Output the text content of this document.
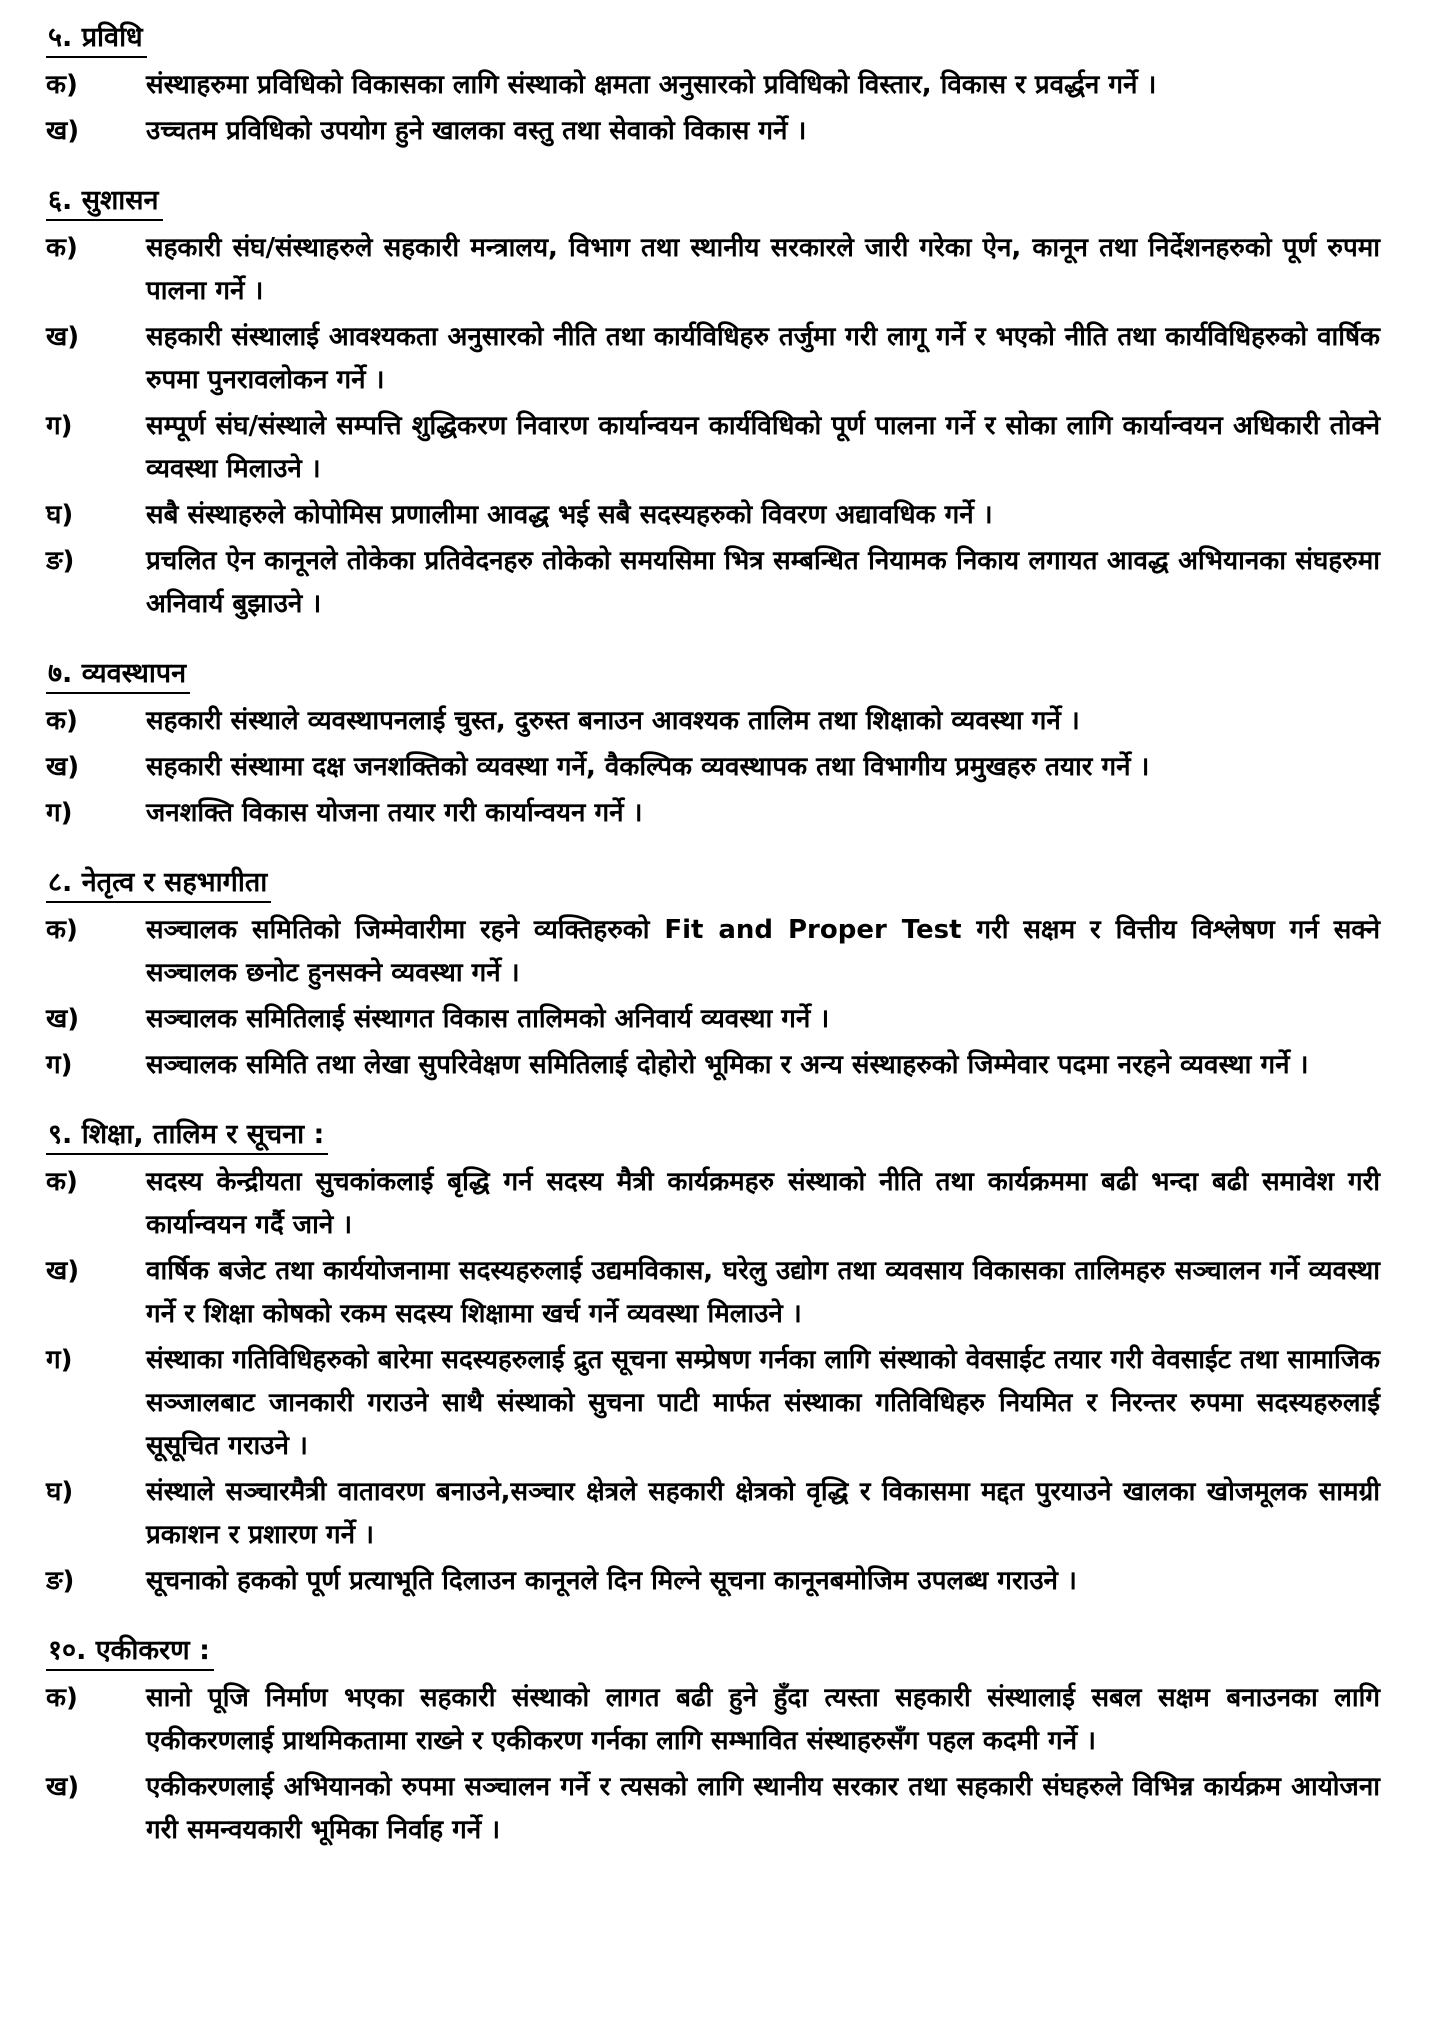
५. प्रविधि
क)	संस्थाहरुमा प्रविधिको विकासका लागि संस्थाको क्षमता अनुसारको प्रविधिको विस्तार, विकास र प्रवर्द्धन गर्ने ।
ख)	उच्चतम प्रविधिको उपयोग हुने खालका वस्तु तथा सेवाको विकास गर्ने ।
६. सुशासन
क)	सहकारी संघ/संस्थाहरुले सहकारी मन्त्रालय, विभाग तथा स्थानीय सरकारले जारी गरेका ऐन, कानून तथा निर्देशनहरुको पूर्ण रुपमा पालना गर्ने ।
ख)	सहकारी संस्थालाई आवश्यकता अनुसारको नीति तथा कार्यविधिहरु तर्जुमा गरी लागू गर्ने र भएको नीति तथा कार्यविधिहरुको वार्षिक रुपमा पुनरावलोकन गर्ने ।
ग)	सम्पूर्ण संघ/संस्थाले सम्पत्ति शुद्धिकरण निवारण कार्यान्वयन कार्यविधिको पूर्ण पालना गर्ने र सोका लागि कार्यान्वयन अधिकारी तोक्ने व्यवस्था मिलाउने ।
घ)	सबै संस्थाहरुले कोपोमिस प्रणालीमा आवद्ध भई सबै सदस्यहरुको विवरण अद्यावधिक गर्ने ।
ङ)	प्रचलित ऐन कानूनले तोकेका प्रतिवेदनहरु तोकेको समयसिमा भित्र सम्बन्धित नियामक निकाय लगायत आवद्ध अभियानका संघहरुमा अनिवार्य बुझाउने ।
७. व्यवस्थापन
क)	सहकारी संस्थाले व्यवस्थापनलाई चुस्त, दुरुस्त बनाउन आवश्यक तालिम तथा शिक्षाको व्यवस्था गर्ने ।
ख)	सहकारी संस्थामा दक्ष जनशक्तिको व्यवस्था गर्ने, वैकल्पिक व्यवस्थापक तथा विभागीय प्रमुखहरु तयार गर्ने ।
ग)	जनशक्ति विकास योजना तयार गरी कार्यान्वयन गर्ने ।
८. नेतृत्व र सहभागीता
क)	सञ्चालक समितिको जिम्मेवारीमा रहने व्यक्तिहरुको Fit and Proper Test गरी सक्षम र वित्तीय विश्लेषण गर्न सक्ने सञ्चालक छनोट हुनसक्ने व्यवस्था गर्ने ।
ख)	सञ्चालक समितिलाई संस्थागत विकास तालिमको अनिवार्य व्यवस्था गर्ने ।
ग)	सञ्चालक समिति तथा लेखा सुपरिवेक्षण समितिलाई दोहोरो भूमिका र अन्य संस्थाहरुको जिम्मेवार पदमा नरहने व्यवस्था गर्ने ।
९. शिक्षा, तालिम र सूचना :
क)	सदस्य केन्द्रीयता सुचकांकलाई बृद्धि गर्न सदस्य मैत्री कार्यक्रमहरु संस्थाको नीति तथा कार्यक्रममा बढी भन्दा बढी समावेश गरी कार्यान्वयन गर्दै जाने ।
ख)	वार्षिक बजेट तथा कार्ययोजनामा सदस्यहरुलाई उद्यमविकास, घरेलु उद्योग तथा व्यवसाय विकासका तालिमहरु सञ्चालन गर्ने व्यवस्था गर्ने र शिक्षा कोषको रकम सदस्य शिक्षामा खर्च गर्ने व्यवस्था मिलाउने ।
ग)	संस्थाका गतिविधिहरुको बारेमा सदस्यहरुलाई द्रुत सूचना सम्प्रेषण गर्नका लागि संस्थाको वेवसाईट तयार गरी वेवसाईट तथा सामाजिक सञ्जालबाट जानकारी गराउने साथै संस्थाको सुचना पाटी मार्फत संस्थाका गतिविधिहरु नियमित र निरन्तर रुपमा सदस्यहरुलाई सूसूचित गराउने ।
घ)	संस्थाले सञ्चारमैत्री वातावरण बनाउने,सञ्चार क्षेत्रले सहकारी क्षेत्रको वृद्धि र विकासमा मद्दत पुरयाउने खालका खोजमूलक सामग्री प्रकाशन र प्रशारण गर्ने ।
ङ)	सूचनाको हकको पूर्ण प्रत्याभूति दिलाउन कानूनले दिन मिल्ने सूचना कानूनबमोजिम उपलब्ध गराउने ।
१०. एकीकरण :
क)	सानो पूजि निर्माण भएका सहकारी संस्थाको लागत बढी हुने हुँदा त्यस्ता सहकारी संस्थालाई सबल सक्षम बनाउनका लागि एकीकरणलाई प्राथमिकतामा राख्ने र एकीकरण गर्नका लागि सम्भावित संस्थाहरुसँग पहल कदमी गर्ने ।
ख)	एकीकरणलाई अभियानको रुपमा सञ्चालन गर्ने र त्यसको लागि स्थानीय सरकार तथा सहकारी संघहरुले विभिन्न कार्यक्रम आयोजना गरी समन्वयकारी भूमिका निर्वाह गर्ने ।
